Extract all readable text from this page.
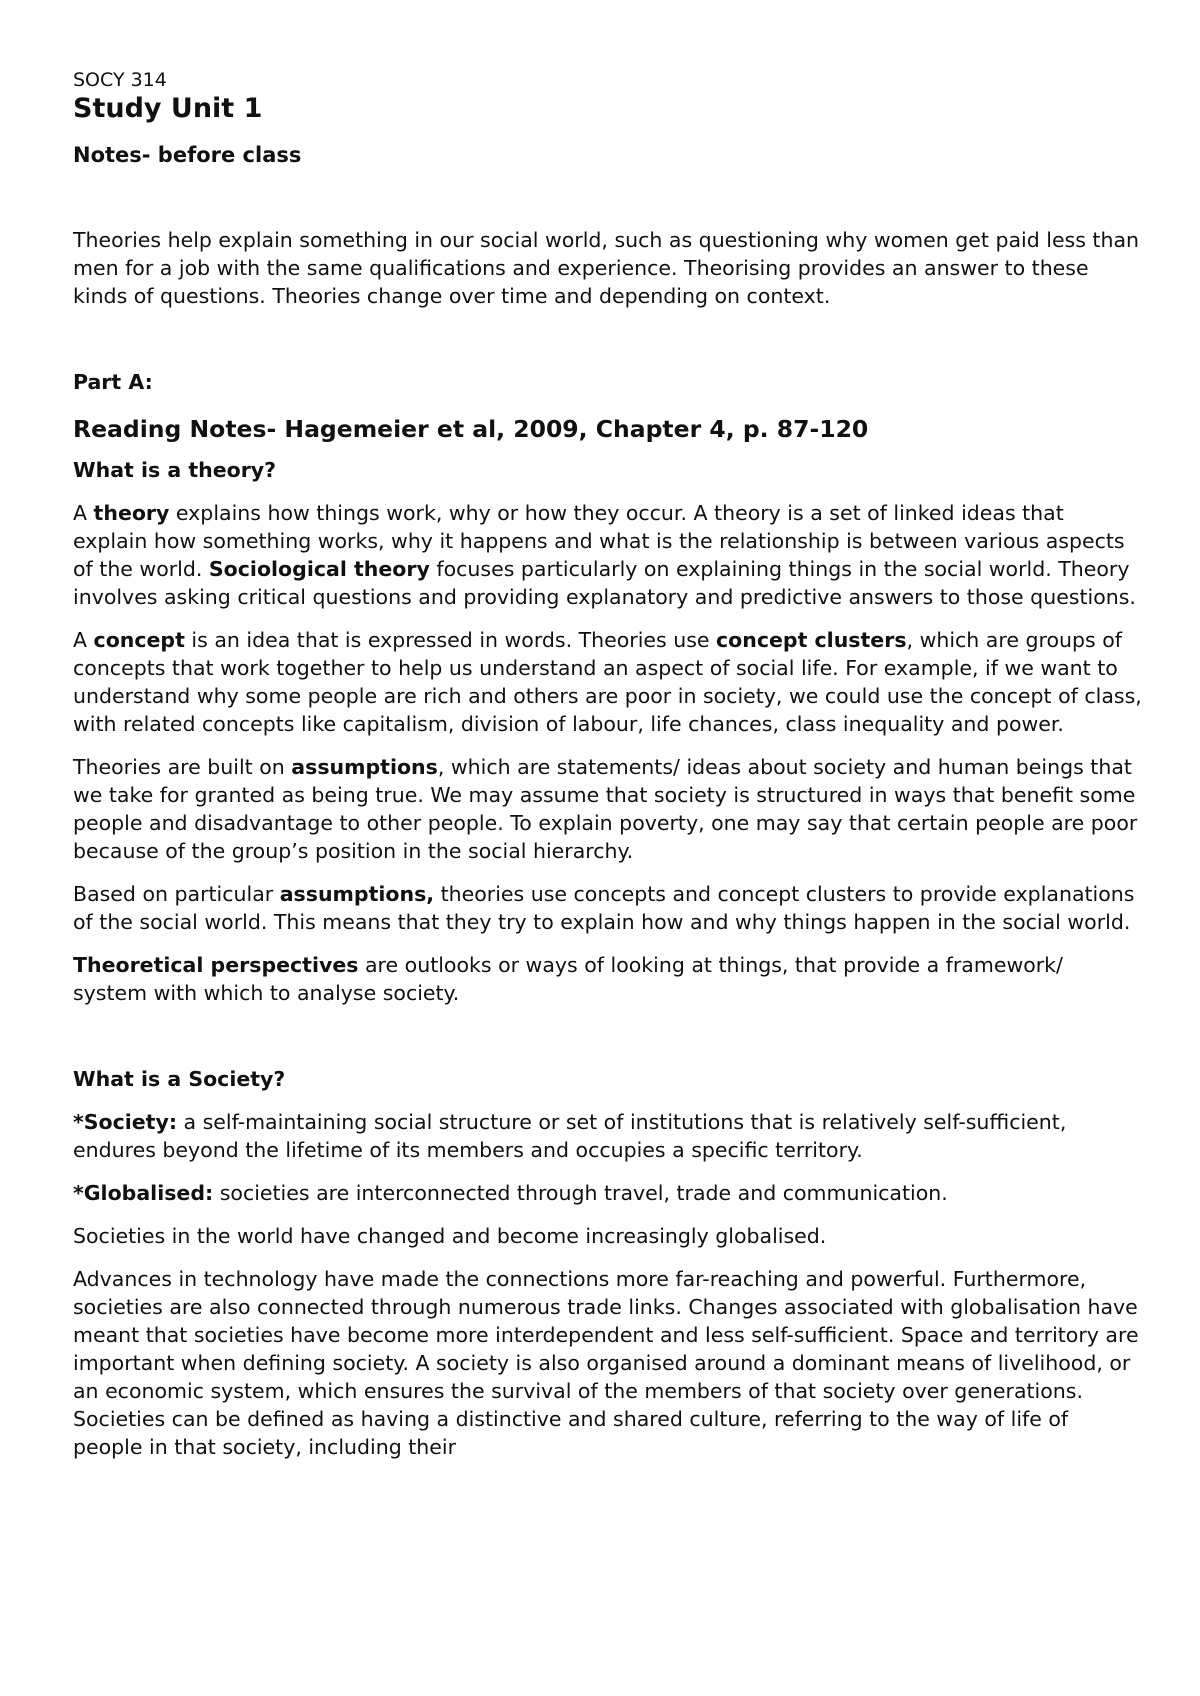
SOCY 314

Study Unit 1
Notes- before class

Theories help explain something in our social world, such as questioning why women get paid less than men for a job with the same qualifications and experience. Theorising provides an answer to these kinds of questions. Theories change over time and depending on context.

Part A:

Reading Notes- Hagemeier et al, 2009, Chapter 4, p. 87-120
What is a theory?

A theory explains how things work, why or how they occur. A theory is a set of linked ideas that explain how something works, why it happens and what is the relationship is between various aspects of the world. Sociological theory focuses particularly on explaining things in the social world. Theory involves asking critical questions and providing explanatory and predictive answers to those questions.

A concept is an idea that is expressed in words. Theories use concept clusters, which are groups of concepts that work together to help us understand an aspect of social life. For example, if we want to understand why some people are rich and others are poor in society, we could use the concept of class, with related concepts like capitalism, division of labour, life chances, class inequality and power.

Theories are built on assumptions, which are statements/ ideas about society and human beings that we take for granted as being true. We may assume that society is structured in ways that benefit some people and disadvantage to other people. To explain poverty, one may say that certain people are poor because of the group’s position in the social hierarchy.

Based on particular assumptions, theories use concepts and concept clusters to provide explanations of the social world. This means that they try to explain how and why things happen in the social world.

Theoretical perspectives are outlooks or ways of looking at things, that provide a framework/ system with which to analyse society.

What is a Society?

*Society: a self-maintaining social structure or set of institutions that is relatively self-sufficient, endures beyond the lifetime of its members and occupies a specific territory.

*Globalised: societies are interconnected through travel, trade and communication.

Societies in the world have changed and become increasingly globalised.

Advances in technology have made the connections more far-reaching and powerful. Furthermore, societies are also connected through numerous trade links. Changes associated with globalisation have meant that societies have become more interdependent and less self-sufficient. Space and territory are important when defining society. A society is also organised around a dominant means of livelihood, or an economic system, which ensures the survival of the members of that society over generations. Societies can be defined as having a distinctive and shared culture, referring to the way of life of people in that society, including their
